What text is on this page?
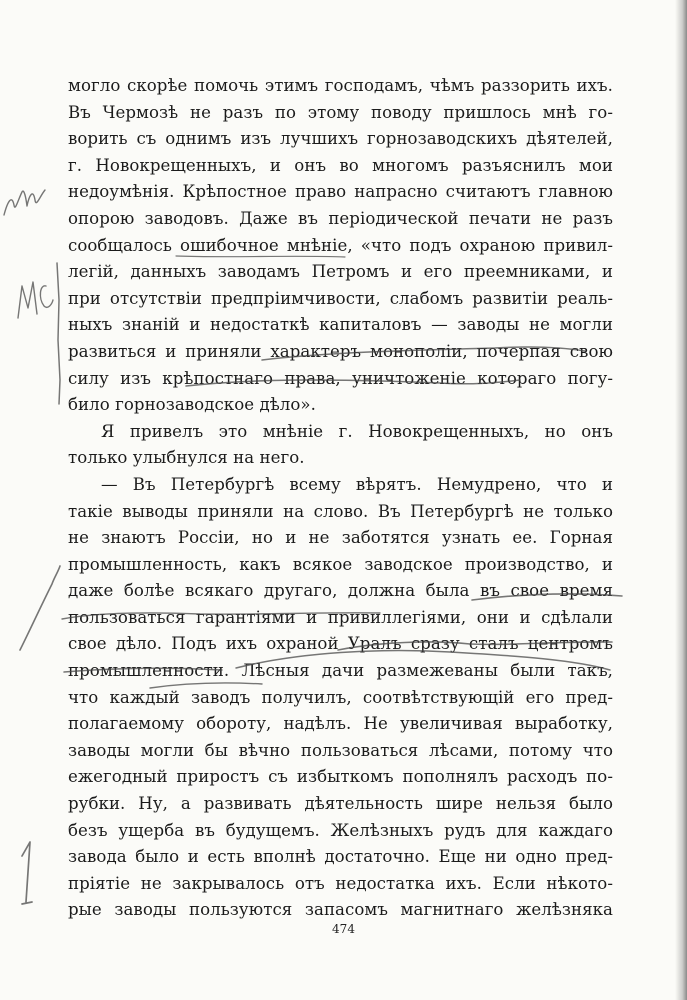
могло скорѣе помочь этимъ господамъ, чѣмъ раззорить ихъ.
Въ Чермозѣ не разъ по этому поводу пришлось мнѣ го-
ворить съ однимъ изъ лучшихъ горнозаводскихъ дѣятелей,
г. Новокрещенныхъ, и онъ во многомъ разъяснилъ мои
недоумѣнія. Крѣпостное право напрасно считаютъ главною
опорою заводовъ. Даже въ періодической печати не разъ
сообщалось ошибочное мнѣніе, «что подъ охраною привил-
легій, данныхъ заводамъ Петромъ и его преемниками, и
при отсутствіи предпріимчивости, слабомъ развитіи реаль-
ныхъ знаній и недостаткѣ капиталовъ — заводы не могли
развиться и приняли характеръ монополіи, почерпая свою
силу изъ крѣпостнаго права, уничтоженіе котораго погу-
било горнозаводское дѣло».
Я привелъ это мнѣніе г. Новокрещенныхъ, но онъ
только улыбнулся на него.
— Въ Петербургѣ всему вѣрятъ. Немудрено, что и
такіе выводы приняли на слово. Въ Петербургѣ не только
не знаютъ Россіи, но и не заботятся узнать ее. Горная
промышленность, какъ всякое заводское производство, и
даже болѣе всякаго другаго, должна была въ свое время
пользоваться гарантіями и привиллегіями, они и сдѣлали
свое дѣло. Подъ ихъ охраной Уралъ сразу сталъ центромъ
промышленности. Лѣсныя дачи размежеваны были такъ,
что каждый заводъ получилъ, соотвѣтствующій его пред-
полагаемому обороту, надѣлъ. Не увеличивая выработку,
заводы могли бы вѣчно пользоваться лѣсами, потому что
ежегодный приростъ съ избыткомъ пополнялъ расходъ по-
рубки. Ну, а развивать дѣятельность шире нельзя было
безъ ущерба въ будущемъ. Желѣзныхъ рудъ для каждаго
завода было и есть вполнѣ достаточно. Еще ни одно пред-
пріятіе не закрывалось отъ недостатка ихъ. Если нѣкото-
рые заводы пользуются запасомъ магнитнаго желѣзняка
474
